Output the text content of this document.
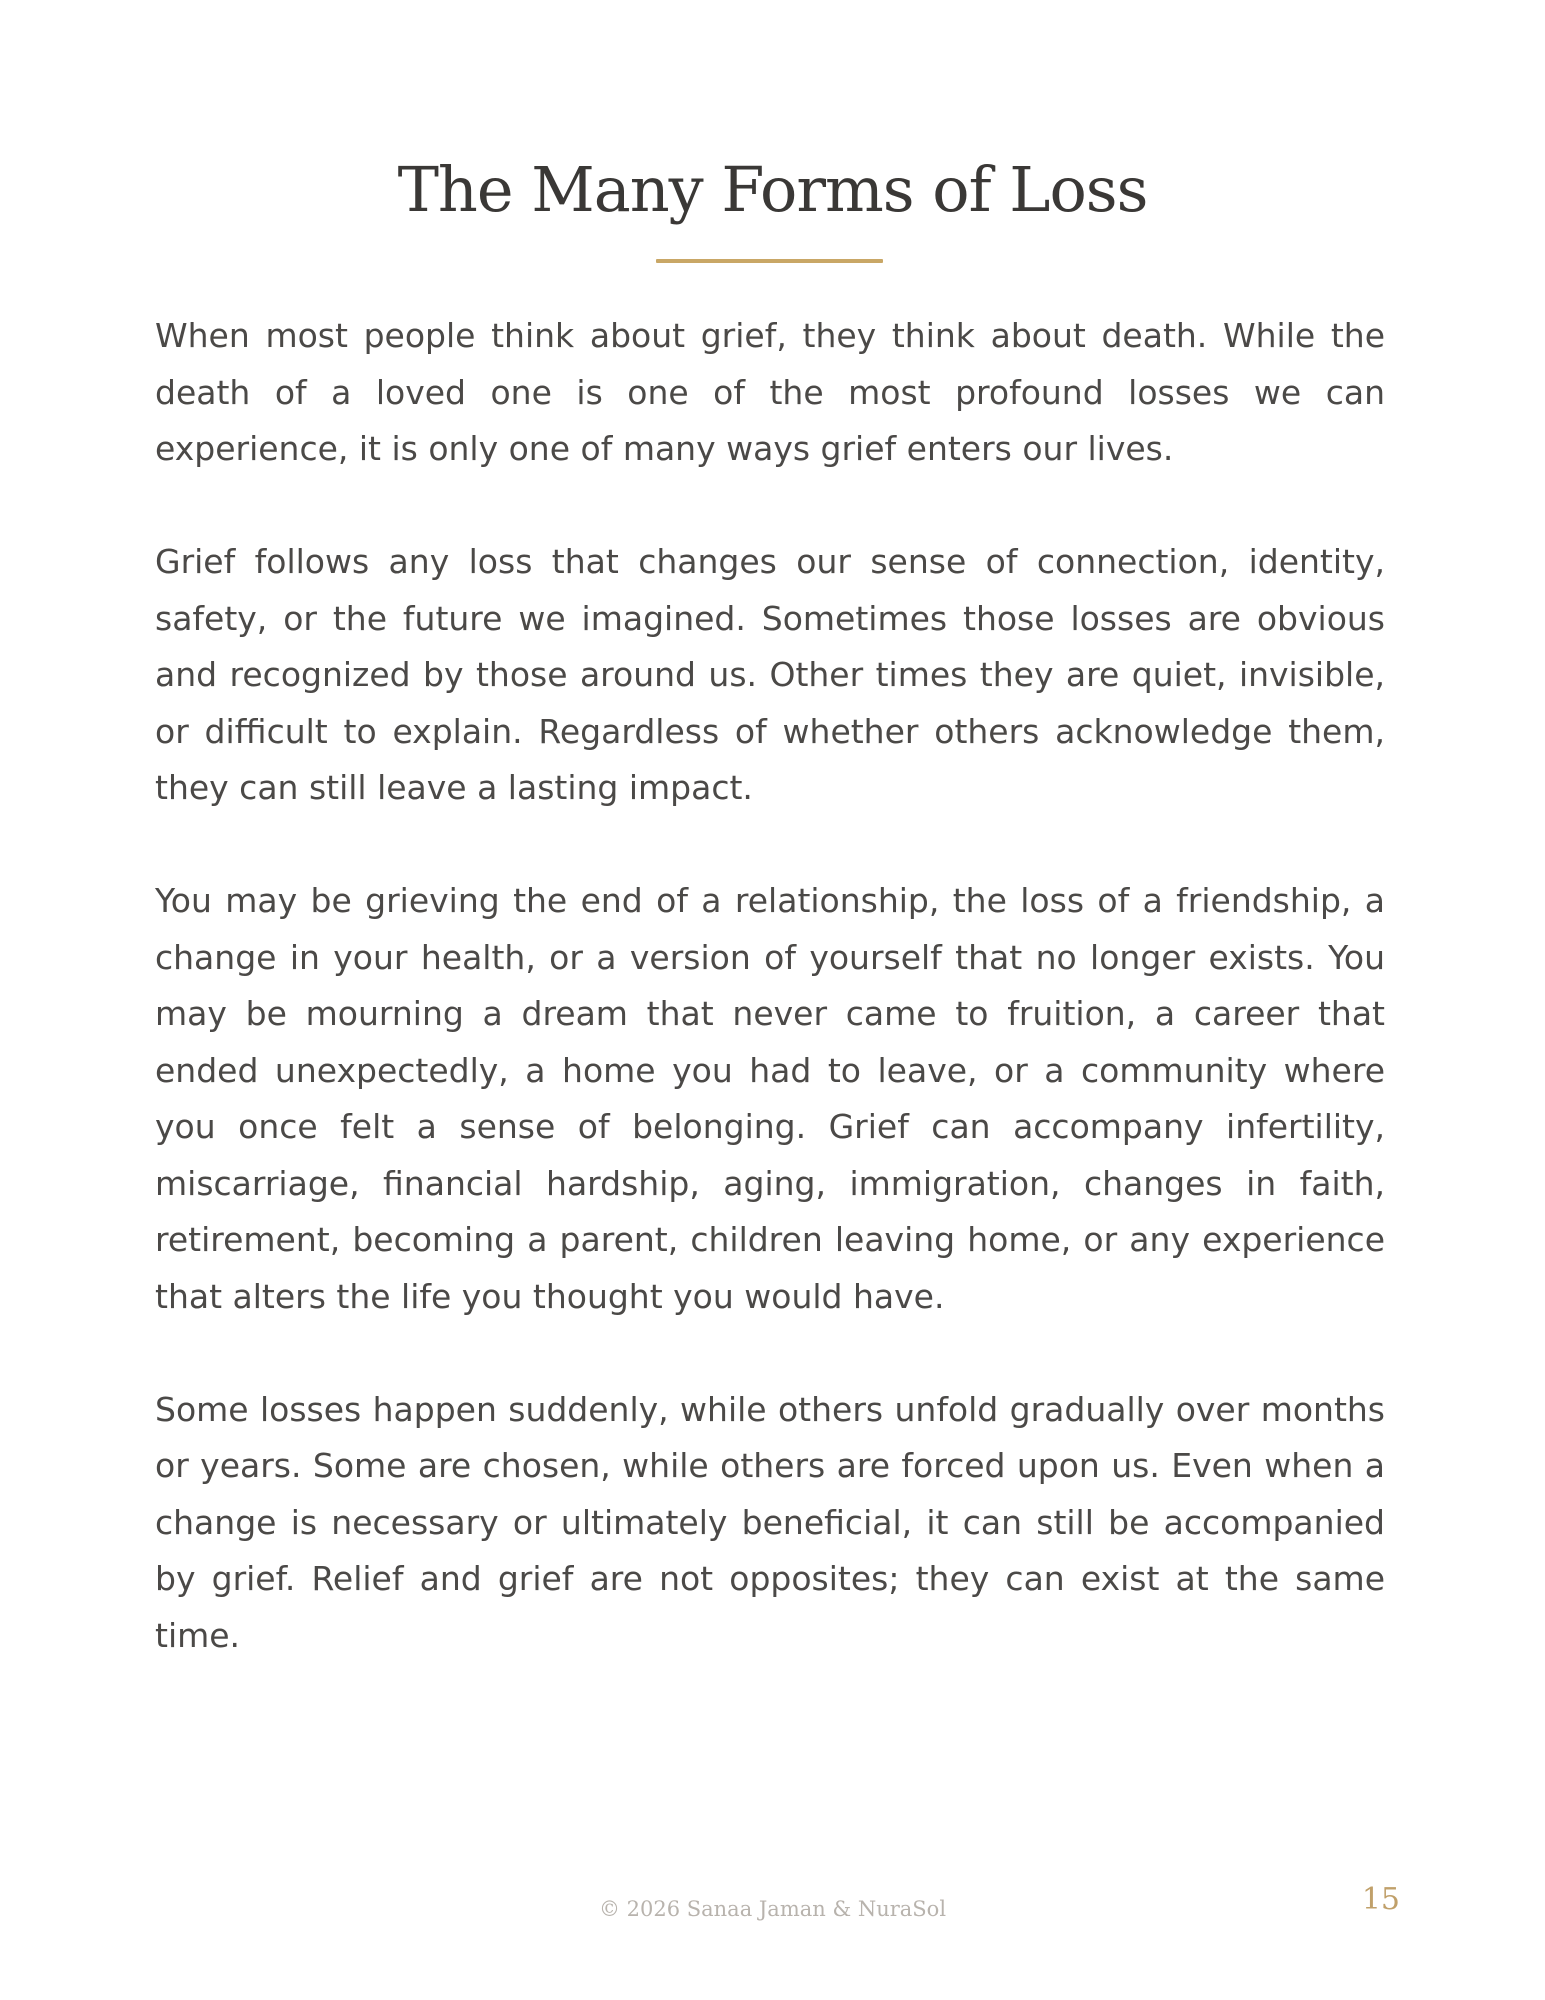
The Many Forms of Loss

When most people think about grief, they think about death. While the death of a loved one is one of the most profound losses we can experience, it is only one of many ways grief enters our lives.

Grief follows any loss that changes our sense of connection, identity, safety, or the future we imagined. Sometimes those losses are obvious and recognized by those around us. Other times they are quiet, invisible, or difficult to explain. Regardless of whether others acknowledge them, they can still leave a lasting impact.

You may be grieving the end of a relationship, the loss of a friendship, a change in your health, or a version of yourself that no longer exists. You may be mourning a dream that never came to fruition, a career that ended unexpectedly, a home you had to leave, or a community where you once felt a sense of belonging. Grief can accompany infertility, miscarriage, financial hardship, aging, immigration, changes in faith, retirement, becoming a parent, children leaving home, or any experience that alters the life you thought you would have.

Some losses happen suddenly, while others unfold gradually over months or years. Some are chosen, while others are forced upon us. Even when a change is necessary or ultimately beneficial, it can still be accompanied by grief. Relief and grief are not opposites; they can exist at the same time.

© 2026 Sanaa Jaman & NuraSol	15
